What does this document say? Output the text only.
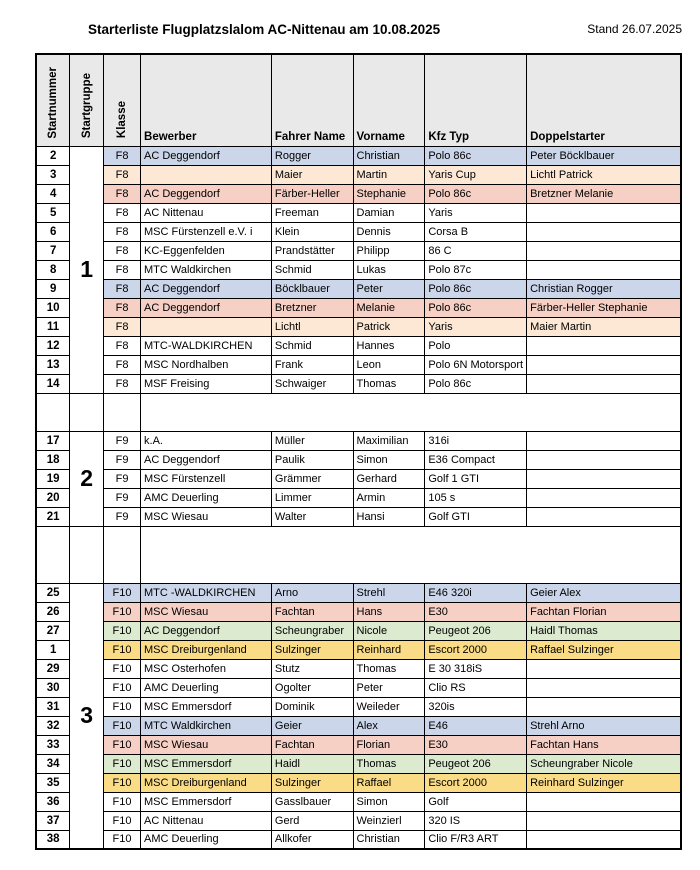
Starterliste Flugplatzslalom AC-Nittenau am 10.08.2025	Stand 26.07.2025
Startnummer	Startgruppe	Klasse	Bewerber	Fahrer Name	Vorname	Kfz Typ	Doppelstarter
2	1	F8	AC Deggendorf	Rogger	Christian	Polo 86c	Peter Böcklbauer
3		F8		Maier	Martin	Yaris Cup	Lichtl Patrick
4		F8	AC Deggendorf	Färber-Heller	Stephanie	Polo 86c	Bretzner Melanie
5		F8	AC Nittenau	Freeman	Damian	Yaris	
6		F8	MSC Fürstenzell e.V. i	Klein	Dennis	Corsa B	
7		F8	KC-Eggenfelden	Prandstätter	Philipp	86 C	
8		F8	MTC Waldkirchen	Schmid	Lukas	Polo 87c	
9		F8	AC Deggendorf	Böcklbauer	Peter	Polo 86c	Christian Rogger
10		F8	AC Deggendorf	Bretzner	Melanie	Polo 86c	Färber-Heller Stephanie
11		F8		Lichtl	Patrick	Yaris	Maier Martin
12		F8	MTC-WALDKIRCHEN	Schmid	Hannes	Polo	
13		F8	MSC Nordhalben	Frank	Leon	Polo 6N Motorsport	
14		F8	MSF Freising	Schwaiger	Thomas	Polo 86c	

17	2	F9	k.A.	Müller	Maximilian	316i	
18		F9	AC Deggendorf	Paulik	Simon	E36 Compact	
19		F9	MSC Fürstenzell	Grämmer	Gerhard	Golf 1 GTI	
20		F9	AMC Deuerling	Limmer	Armin	105 s	
21		F9	MSC Wiesau	Walter	Hansi	Golf GTI	

25	3	F10	MTC -WALDKIRCHEN	Arno	Strehl	E46 320i	Geier Alex
26		F10	MSC Wiesau	Fachtan	Hans	E30	Fachtan Florian
27		F10	AC Deggendorf	Scheungraber	Nicole	Peugeot 206	Haidl Thomas
1		F10	MSC Dreiburgenland	Sulzinger	Reinhard	Escort 2000	Raffael Sulzinger
29		F10	MSC Osterhofen	Stutz	Thomas	E 30 318iS	
30		F10	AMC Deuerling	Ogolter	Peter	Clio RS	
31		F10	MSC Emmersdorf	Dominik	Weileder	320is	
32		F10	MTC Waldkirchen	Geier	Alex	E46	Strehl Arno
33		F10	MSC Wiesau	Fachtan	Florian	E30	Fachtan Hans
34		F10	MSC Emmersdorf	Haidl	Thomas	Peugeot 206	Scheungraber Nicole
35		F10	MSC Dreiburgenland	Sulzinger	Raffael	Escort 2000	Reinhard Sulzinger
36		F10	MSC Emmersdorf	Gasslbauer	Simon	Golf	
37		F10	AC Nittenau	Gerd	Weinzierl	320 IS	
38		F10	AMC Deuerling	Allkofer	Christian	Clio F/R3 ART	
